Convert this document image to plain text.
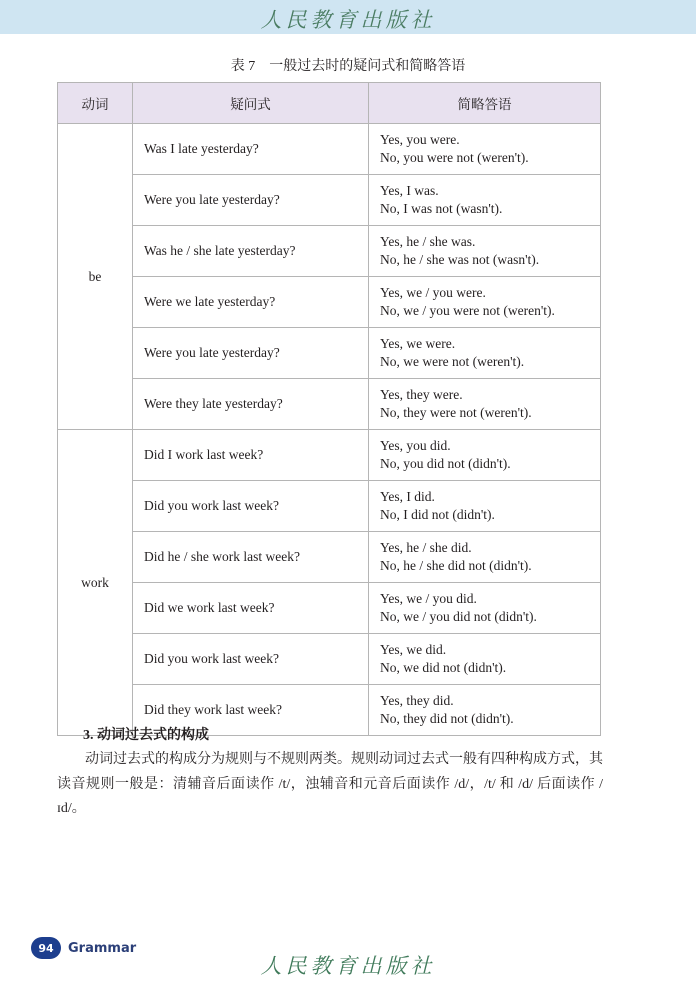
人民教育出版社
表 7　一般过去时的疑问式和简略答语
动词	疑问式	简略答语
be	Was I late yesterday?	Yes, you were.
No, you were not (weren't).

	Were you late yesterday?	Yes, I was.
No, I was not (wasn't).

	Was he / she late yesterday?	Yes, he / she was.
No, he / she was not (wasn't).

	Were we late yesterday?	Yes, we / you were.
No, we / you were not (weren't).

	Were you late yesterday?	Yes, we were.
No, we were not (weren't).

	Were they late yesterday?	Yes, they were.
No, they were not (weren't).

work	Did I work last week?	Yes, you did.
No, you did not (didn't).

	Did you work last week?	Yes, I did.
No, I did not (didn't).

	Did he / she work last week?	Yes, he / she did.
No, he / she did not (didn't).

	Did we work last week?	Yes, we / you did.
No, we / you did not (didn't).

	Did you work last week?	Yes, we did.
No, we did not (didn't).

	Did they work last week?	Yes, they did.
No, they did not (didn't).
3. 动词过去式的构成
动词过去式的构成分为规则与不规则两类。规则动词过去式一般有四种构成方式，其读音规则一般是：清辅音后面读作 /t/，浊辅音和元音后面读作 /d/，/t/ 和 /d/ 后面读作 /ɪd/。
94	Grammar
人民教育出版社
